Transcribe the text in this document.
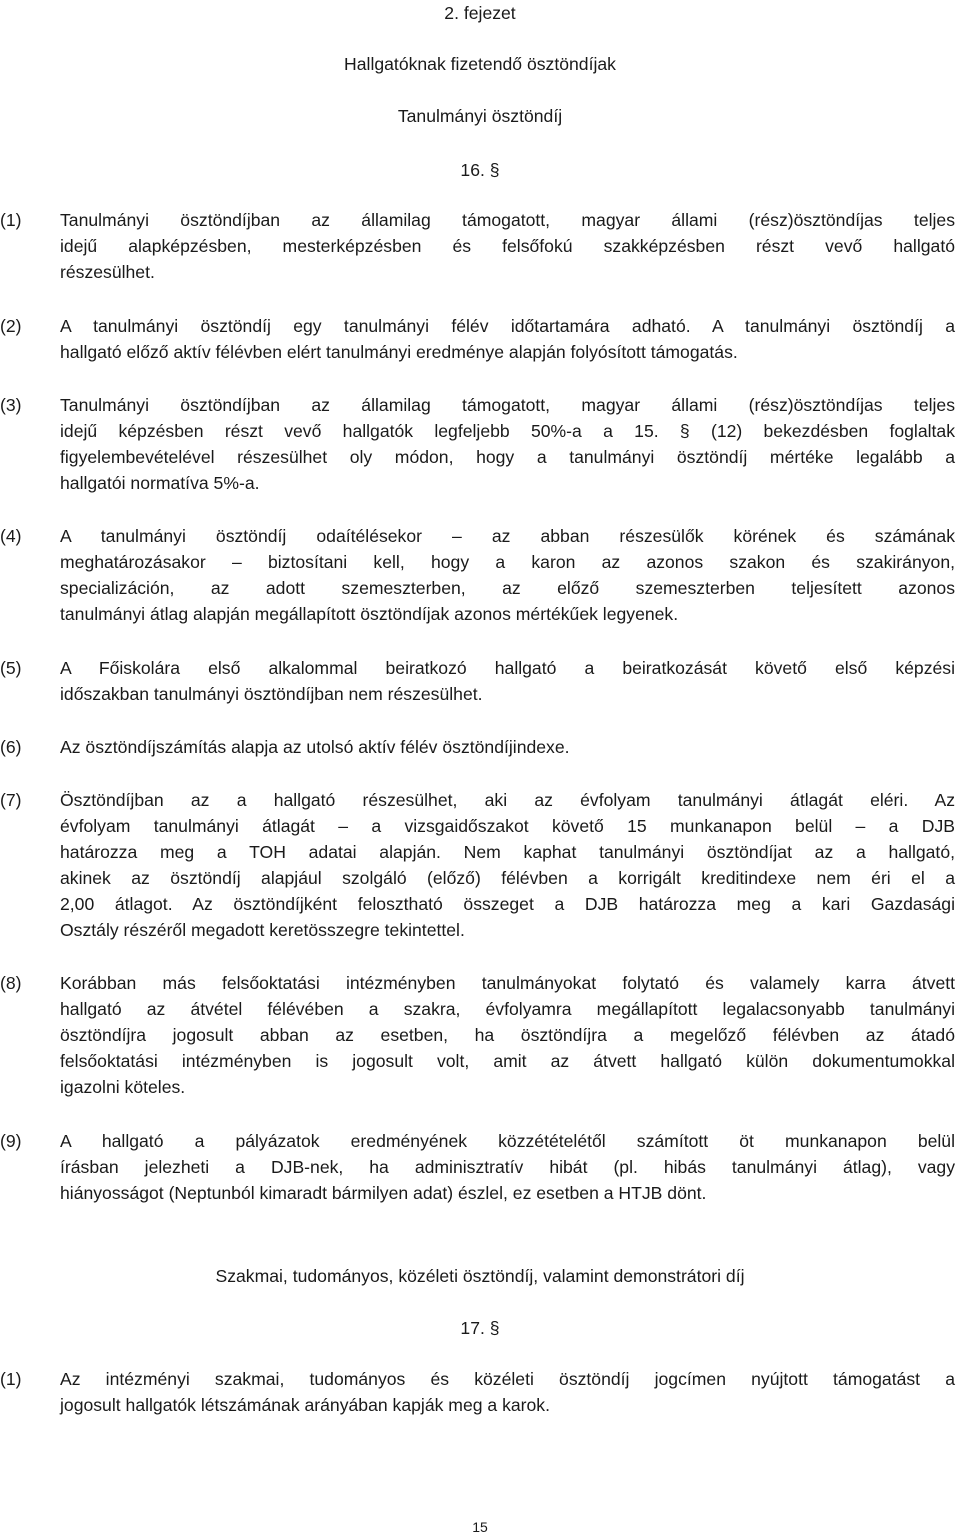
2. fejezet
Hallgatóknak fizetendő ösztöndíjak
Tanulmányi ösztöndíj
16. §
(1)	Tanulmányi ösztöndíjban az államilag támogatott, magyar állami (rész)ösztöndíjas teljes
idejű alapképzésben, mesterképzésben és felsőfokú szakképzésben részt vevő hallgató
részesülhet.
(2)	A tanulmányi ösztöndíj egy tanulmányi félév időtartamára adható. A tanulmányi ösztöndíj a
hallgató előző aktív félévben elért tanulmányi eredménye alapján folyósított támogatás.
(3)	Tanulmányi ösztöndíjban az államilag támogatott, magyar állami (rész)ösztöndíjas teljes
idejű képzésben részt vevő hallgatók legfeljebb 50%-a a 15. § (12) bekezdésben foglaltak
figyelembevételével részesülhet oly módon, hogy a tanulmányi ösztöndíj mértéke legalább a
hallgatói normatíva 5%-a.
(4)	A tanulmányi ösztöndíj odaítélésekor – az abban részesülők körének és számának
meghatározásakor – biztosítani kell, hogy a karon az azonos szakon és szakirányon,
specializáción, az adott szemeszterben, az előző szemeszterben teljesített azonos
tanulmányi átlag alapján megállapított ösztöndíjak azonos mértékűek legyenek.
(5)	A Főiskolára első alkalommal beiratkozó hallgató a beiratkozását követő első képzési
időszakban tanulmányi ösztöndíjban nem részesülhet.
(6)	Az ösztöndíjszámítás alapja az utolsó aktív félév ösztöndíjindexe.
(7)	Ösztöndíjban az a hallgató részesülhet, aki az évfolyam tanulmányi átlagát eléri. Az
évfolyam tanulmányi átlagát – a vizsgaidőszakot követő 15 munkanapon belül – a DJB
határozza meg a TOH adatai alapján. Nem kaphat tanulmányi ösztöndíjat az a hallgató,
akinek az ösztöndíj alapjául szolgáló (előző) félévben a korrigált kreditindexe nem éri el a
2,00 átlagot. Az ösztöndíjként felosztható összeget a DJB határozza meg a kari Gazdasági
Osztály részéről megadott keretösszegre tekintettel.
(8)	Korábban más felsőoktatási intézményben tanulmányokat folytató és valamely karra átvett
hallgató az átvétel félévében a szakra, évfolyamra megállapított legalacsonyabb tanulmányi
ösztöndíjra jogosult abban az esetben, ha ösztöndíjra a megelőző félévben az átadó
felsőoktatási intézményben is jogosult volt, amit az átvett hallgató külön dokumentumokkal
igazolni köteles.
(9)	A hallgató a pályázatok eredményének közzétételétől számított öt munkanapon belül
írásban jelezheti a DJB-nek, ha adminisztratív hibát (pl. hibás tanulmányi átlag), vagy
hiányosságot (Neptunból kimaradt bármilyen adat) észlel, ez esetben a HTJB dönt.
Szakmai, tudományos, közéleti ösztöndíj, valamint demonstrátori díj
17. §
(1)	Az intézményi szakmai, tudományos és közéleti ösztöndíj jogcímen nyújtott támogatást a
jogosult hallgatók létszámának arányában kapják meg a karok.
15
